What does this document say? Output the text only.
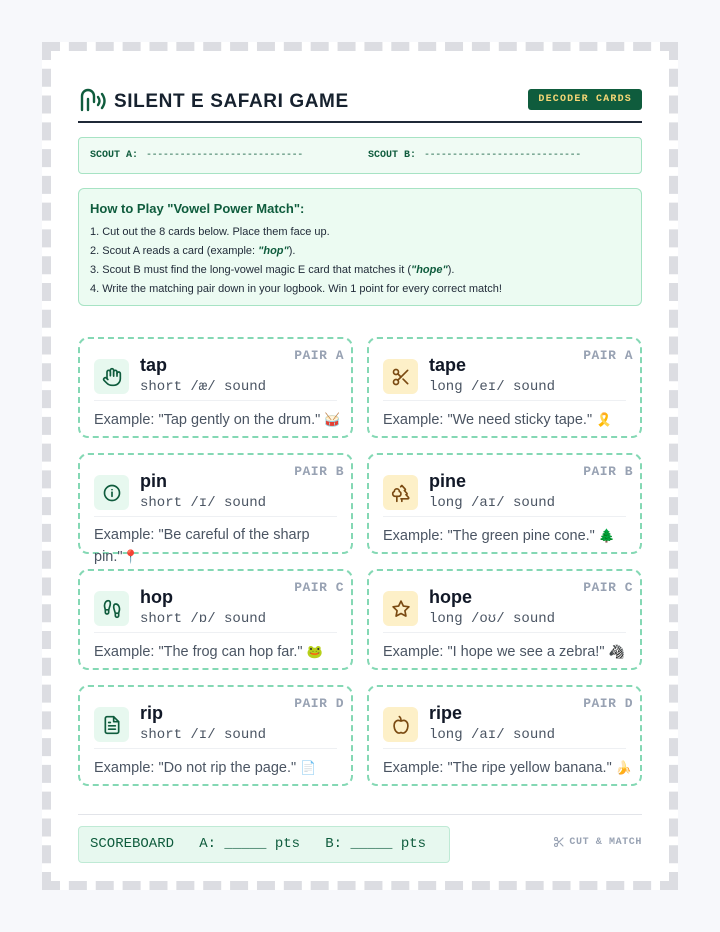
SILENT E SAFARI GAME	DECODER CARDS
SCOUT A: ----------------------------	SCOUT B: ----------------------------
How to Play "Vowel Power Match":
1. Cut out the 8 cards below. Place them face up.
2. Scout A reads a card (example: "hop").
3. Scout B must find the long-vowel magic E card that matches it ("hope").
4. Write the matching pair down in your logbook. Win 1 point for every correct match!
PAIR A
tap
short /æ/ sound
Example: "Tap gently on the drum." 🥁
PAIR A
tape
long /eɪ/ sound
Example: "We need sticky tape." 🎗️
PAIR B
pin
short /ɪ/ sound
Example: "Be careful of the sharp pin."📍
PAIR B
pine
long /aɪ/ sound
Example: "The green pine cone." 🌲
PAIR C
hop
short /ɒ/ sound
Example: "The frog can hop far." 🐸
PAIR C
hope
long /oʊ/ sound
Example: "I hope we see a zebra!" 🦓
PAIR D
rip
short /ɪ/ sound
Example: "Do not rip the page." 📄
PAIR D
ripe
long /aɪ/ sound
Example: "The ripe yellow banana." 🍌
SCOREBOARD   A: _____ pts   B: _____ pts	CUT & MATCH
